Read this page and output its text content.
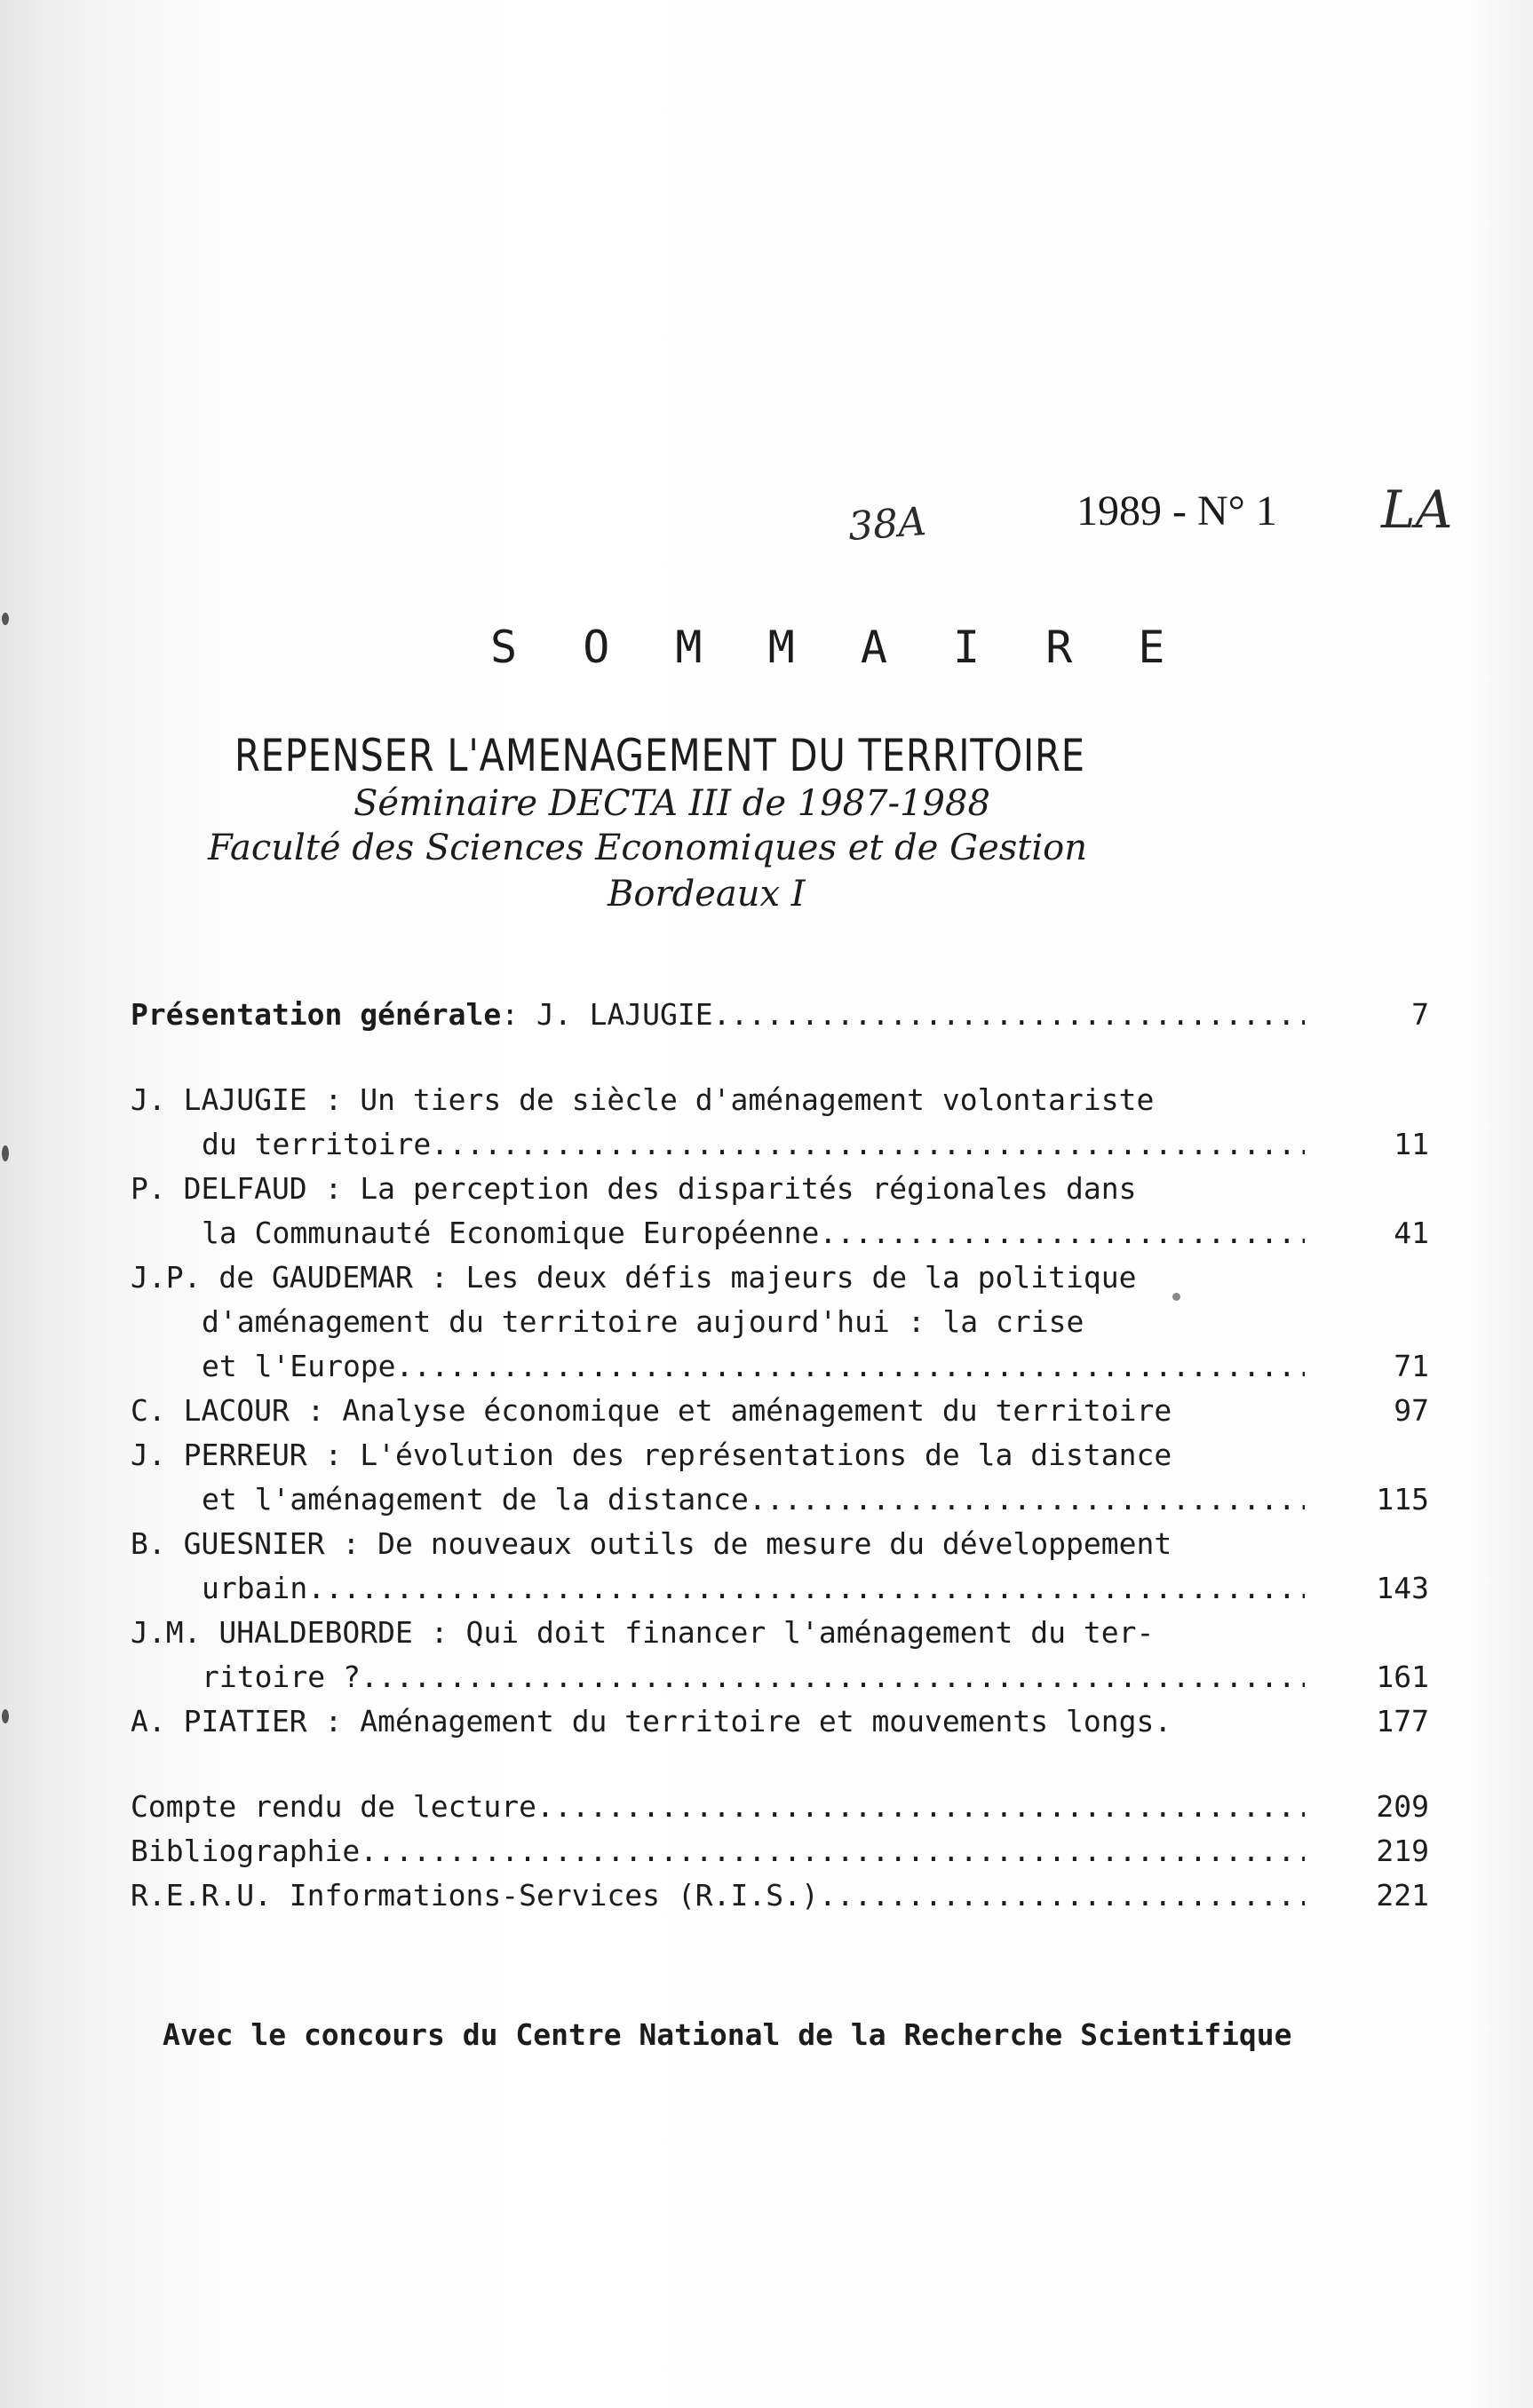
38A	1989 - N° 1 LA
S O M M A I R E
REPENSER L'AMENAGEMENT DU TERRITOIRE
Séminaire DECTA III de 1987-1988
Faculté des Sciences Economiques et de Gestion
Bordeaux I
Présentation générale : J. LAJUGIE .....	7
J. LAJUGIE : Un tiers de siècle d'aménagement volontariste
du territoire .....	11
P. DELFAUD : La perception des disparités régionales dans
la Communauté Economique Européenne .....	41
J.P. de GAUDEMAR : Les deux défis majeurs de la politique
d'aménagement du territoire aujourd'hui : la crise
et l'Europe .....	71
C. LACOUR : Analyse économique et aménagement du territoire	97
J. PERREUR : L'évolution des représentations de la distance
et l'aménagement de la distance .....	115
B. GUESNIER : De nouveaux outils de mesure du développement
urbain .....	143
J.M. UHALDEBORDE : Qui doit financer l'aménagement du ter-
ritoire ? .....	161
A. PIATIER : Aménagement du territoire et mouvements longs.	177
Compte rendu de lecture .....	209
Bibliographie .....	219
R.E.R.U. Informations-Services (R.I.S.) .....	221
Avec le concours du Centre National de la Recherche Scientifique
